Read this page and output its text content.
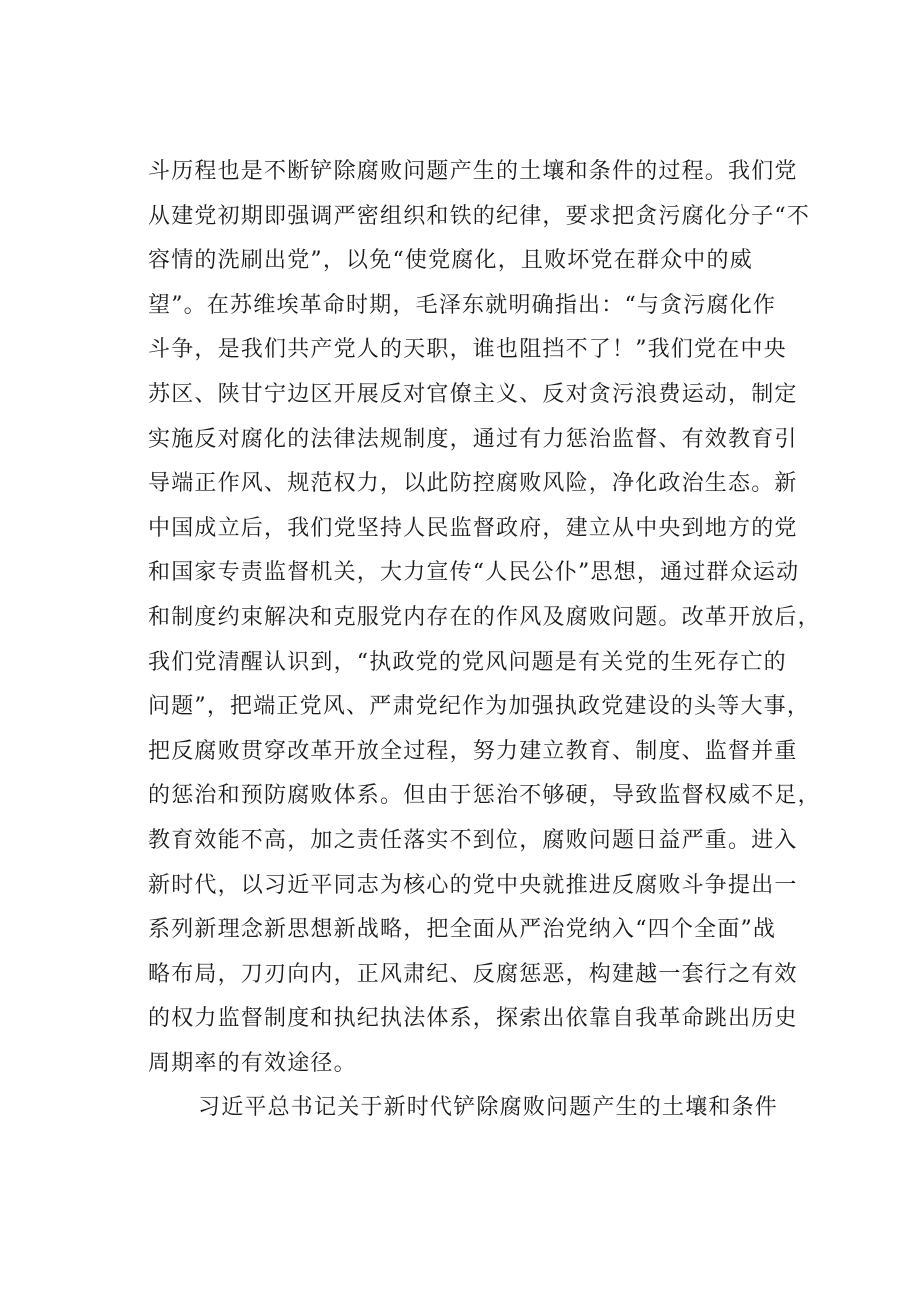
斗历程也是不断铲除腐败问题产生的土壤和条件的过程。我们党
从建党初期即强调严密组织和铁的纪律，要求把贪污腐化分子“不
容情的洗刷出党”，以免“使党腐化，且败坏党在群众中的威
望”。在苏维埃革命时期，毛泽东就明确指出：“与贪污腐化作
斗争，是我们共产党人的天职，谁也阻挡不了！”我们党在中央
苏区、陕甘宁边区开展反对官僚主义、反对贪污浪费运动，制定
实施反对腐化的法律法规制度，通过有力惩治监督、有效教育引
导端正作风、规范权力，以此防控腐败风险，净化政治生态。新
中国成立后，我们党坚持人民监督政府，建立从中央到地方的党
和国家专责监督机关，大力宣传“人民公仆”思想，通过群众运动
和制度约束解决和克服党内存在的作风及腐败问题。改革开放后，
我们党清醒认识到，“执政党的党风问题是有关党的生死存亡的
问题”，把端正党风、严肃党纪作为加强执政党建设的头等大事，
把反腐败贯穿改革开放全过程，努力建立教育、制度、监督并重
的惩治和预防腐败体系。但由于惩治不够硬，导致监督权威不足，
教育效能不高，加之责任落实不到位，腐败问题日益严重。进入
新时代，以习近平同志为核心的党中央就推进反腐败斗争提出一
系列新理念新思想新战略，把全面从严治党纳入“四个全面”战
略布局，刀刃向内，正风肃纪、反腐惩恶，构建越一套行之有效
的权力监督制度和执纪执法体系，探索出依靠自我革命跳出历史
周期率的有效途径。
习近平总书记关于新时代铲除腐败问题产生的土壤和条件
